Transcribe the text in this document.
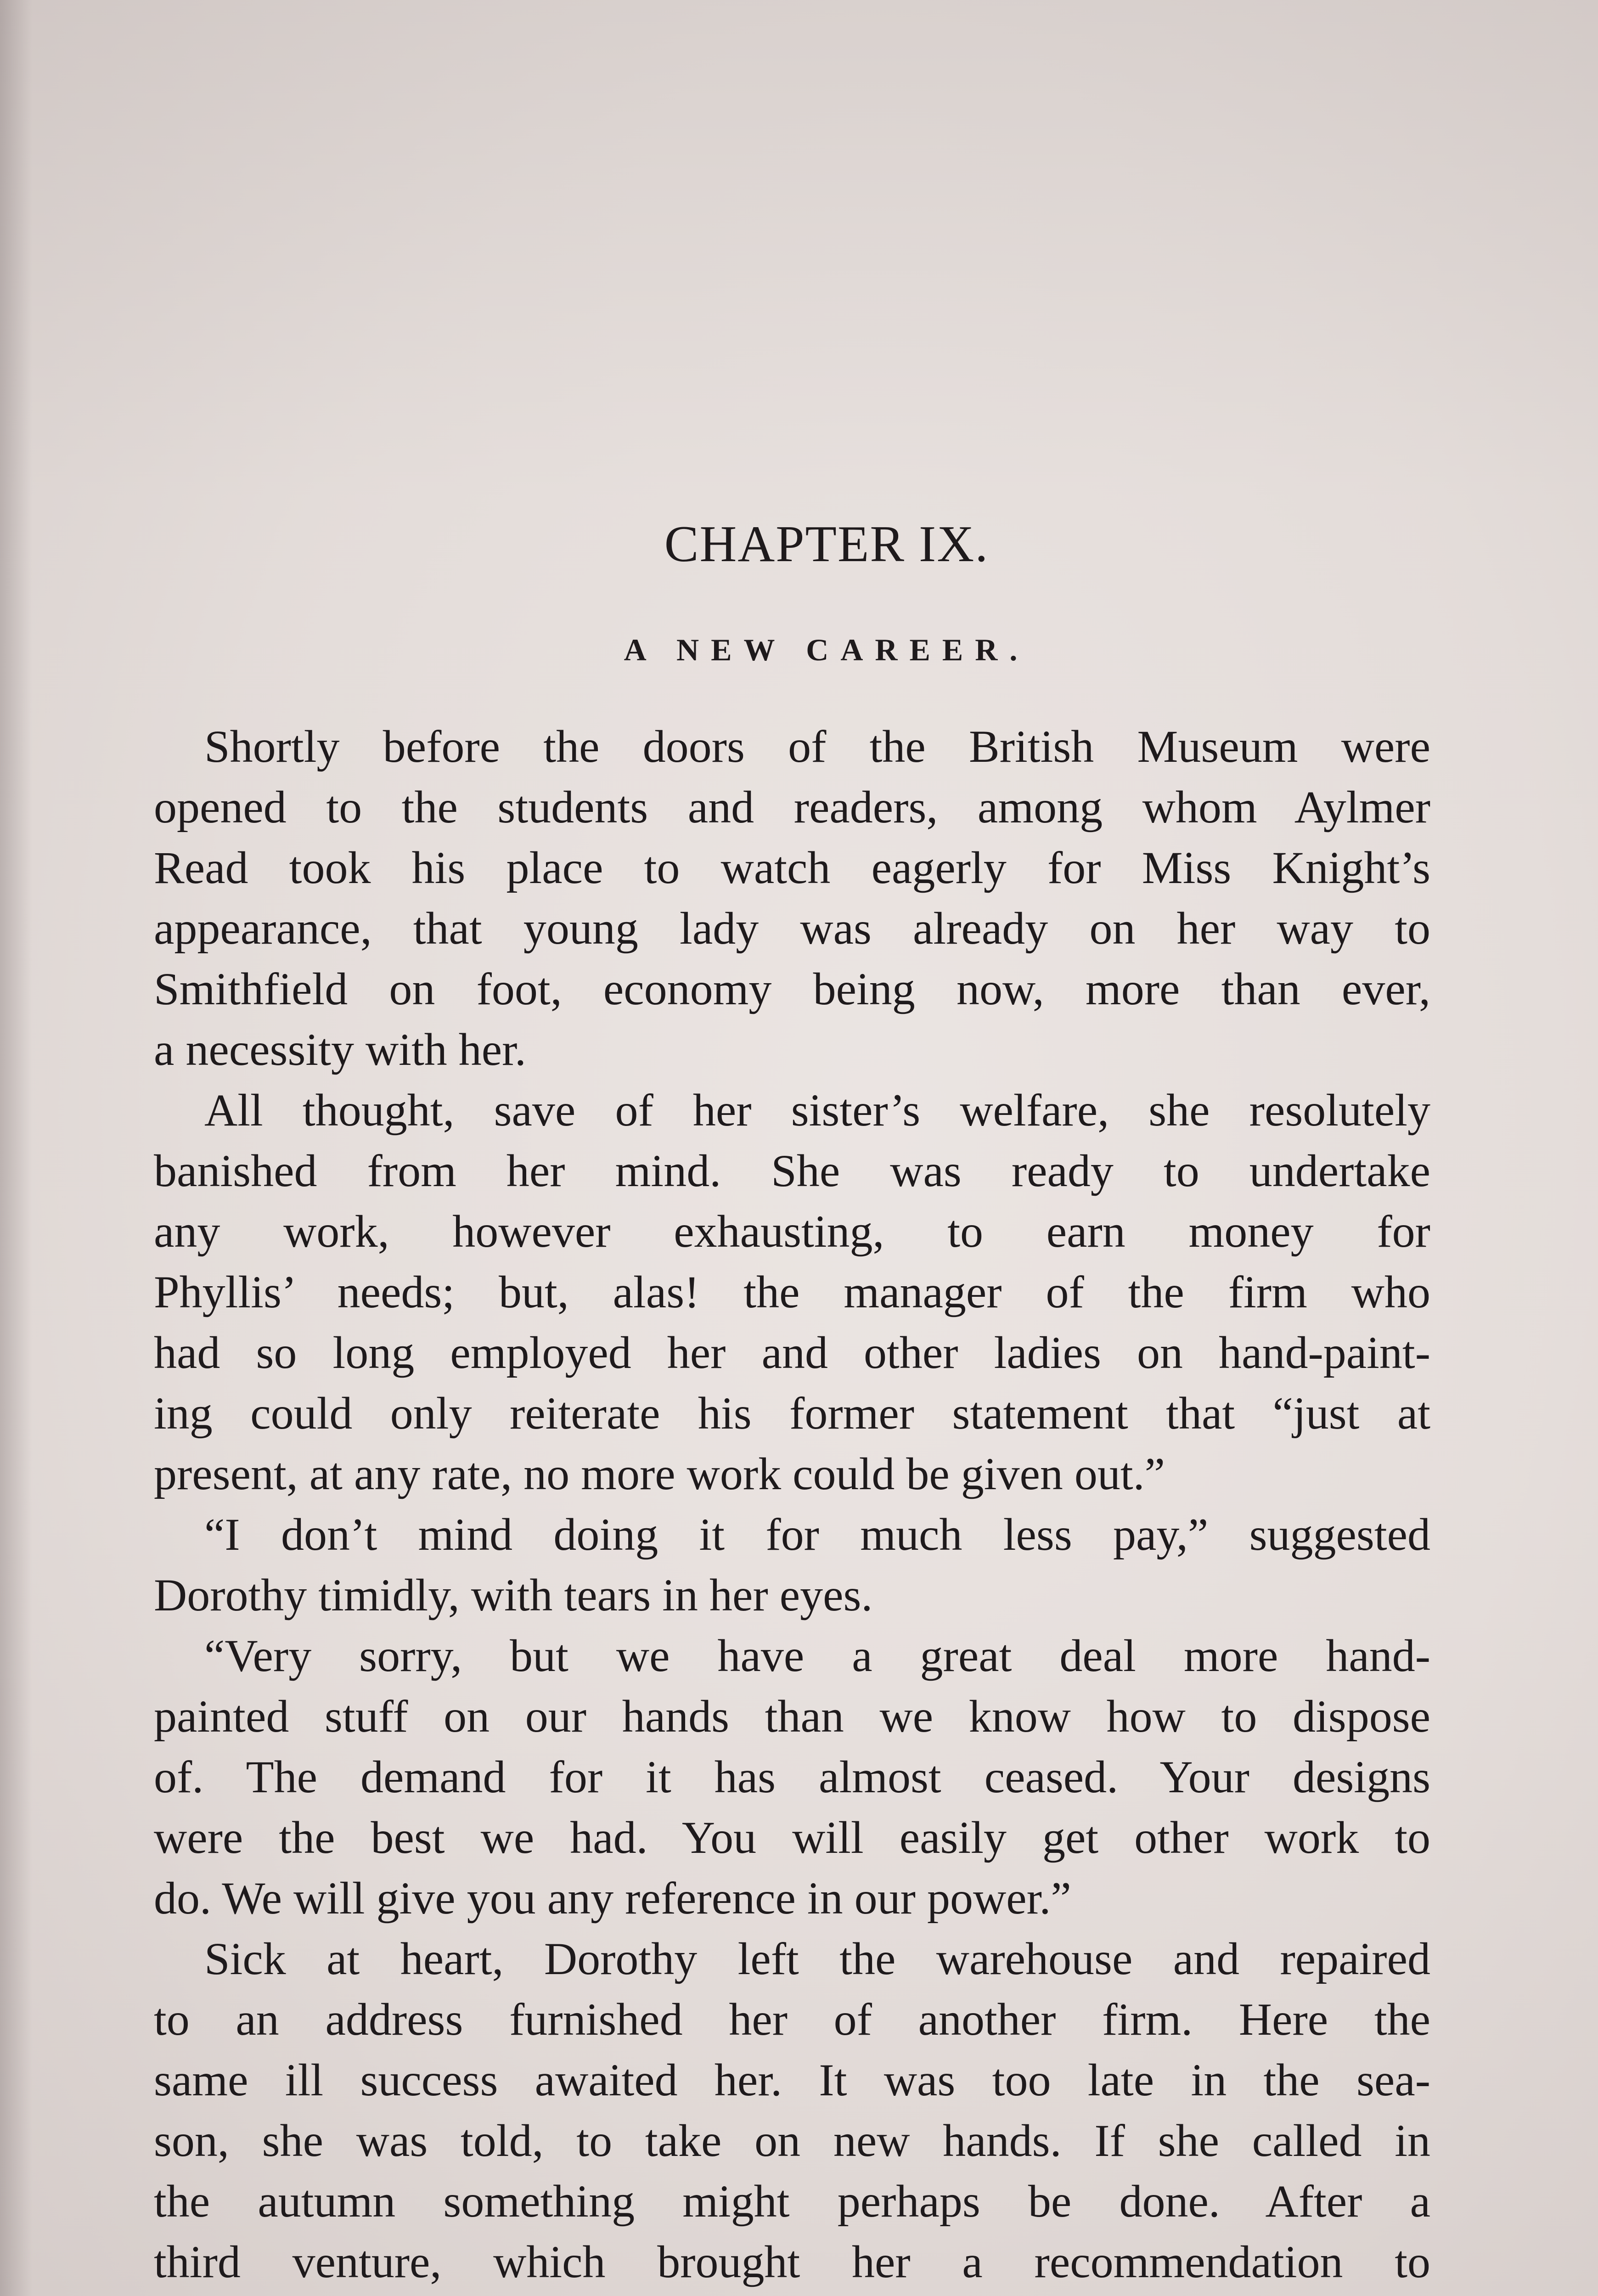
CHAPTER IX.
A NEW CAREER.
Shortly before the doors of the British Museum were
opened to the students and readers, among whom Aylmer
Read took his place to watch eagerly for Miss Knight’s
appearance, that young lady was already on her way to
Smithfield on foot, economy being now, more than ever,
a necessity with her.
All thought, save of her sister’s welfare, she resolutely
banished from her mind. She was ready to undertake
any work, however exhausting, to earn money for
Phyllis’ needs; but, alas! the manager of the firm who
had so long employed her and other ladies on hand-paint-
ing could only reiterate his former statement that “just at
present, at any rate, no more work could be given out.”
“I don’t mind doing it for much less pay,” suggested
Dorothy timidly, with tears in her eyes.
“Very sorry, but we have a great deal more hand-
painted stuff on our hands than we know how to dispose
of. The demand for it has almost ceased. Your designs
were the best we had. You will easily get other work to
do. We will give you any reference in our power.”
Sick at heart, Dorothy left the warehouse and repaired
to an address furnished her of another firm. Here the
same ill success awaited her. It was too late in the sea-
son, she was told, to take on new hands. If she called in
the autumn something might perhaps be done. After a
third venture, which brought her a recommendation to
